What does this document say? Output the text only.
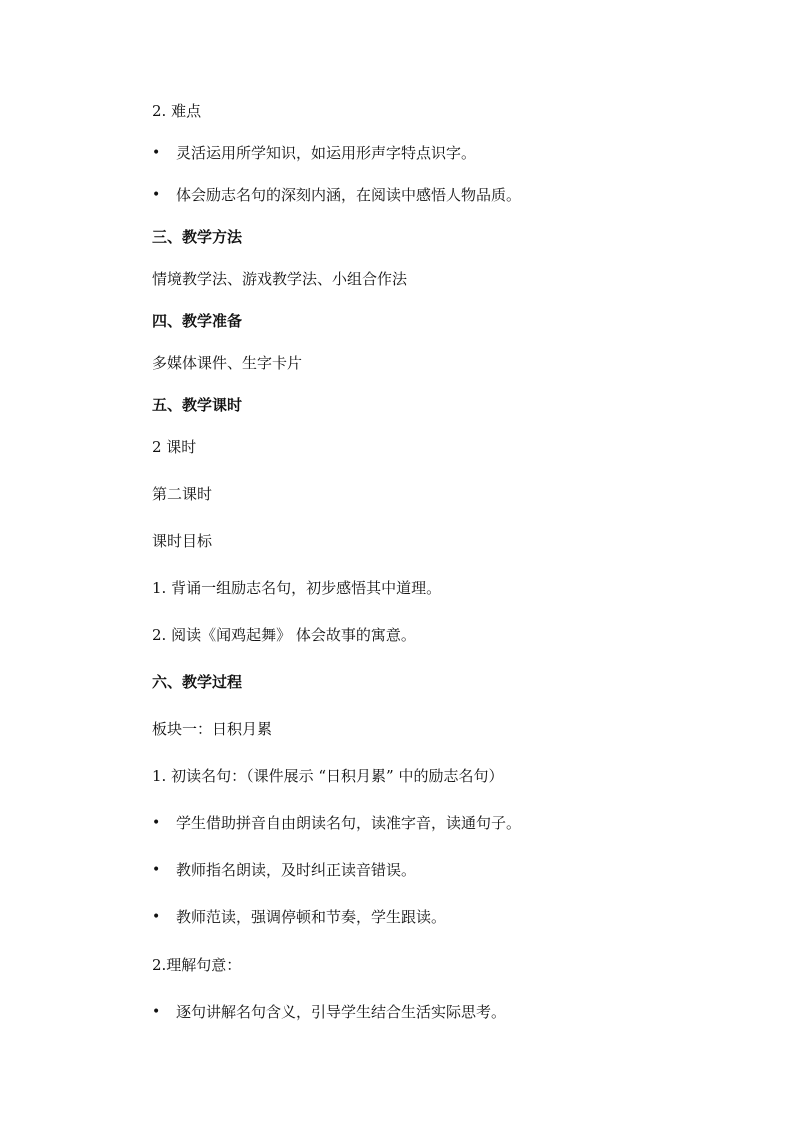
2. 难点
• 灵活运用所学知识，如运用形声字特点识字。
• 体会励志名句的深刻内涵，在阅读中感悟人物品质。
三、教学方法
情境教学法、游戏教学法、小组合作法
四、教学准备
多媒体课件、生字卡片
五、教学课时
2 课时
第二课时
课时目标
1. 背诵一组励志名句，初步感悟其中道理。
2. 阅读《闻鸡起舞》 体会故事的寓意。
六、教学过程
板块一：日积月累
1. 初读名句：（课件展示 “日积月累” 中的励志名句）
• 学生借助拼音自由朗读名句，读准字音，读通句子。
• 教师指名朗读，及时纠正读音错误。
• 教师范读，强调停顿和节奏，学生跟读。
2.理解句意：
• 逐句讲解名句含义，引导学生结合生活实际思考。
